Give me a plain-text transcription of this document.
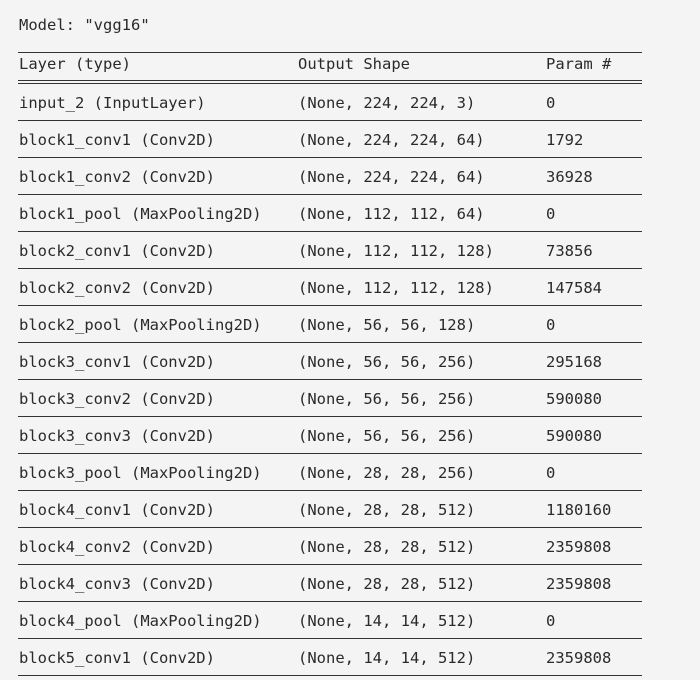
Model: "vgg16"
Layer (type)	Output Shape	Param #
input_2 (InputLayer)	(None, 224, 224, 3)	0
block1_conv1 (Conv2D)	(None, 224, 224, 64)	1792
block1_conv2 (Conv2D)	(None, 224, 224, 64)	36928
block1_pool (MaxPooling2D) (None, 112, 112, 64)	0
block2_conv1 (Conv2D)	(None, 112, 112, 128)	73856
block2_conv2 (Conv2D)	(None, 112, 112, 128)	147584
block2_pool (MaxPooling2D) (None, 56, 56, 128)	0
block3_conv1 (Conv2D)	(None, 56, 56, 256)	295168
block3_conv2 (Conv2D)	(None, 56, 56, 256)	590080
block3_conv3 (Conv2D)	(None, 56, 56, 256)	590080
block3_pool (MaxPooling2D) (None, 28, 28, 256)	0
block4_conv1 (Conv2D)	(None, 28, 28, 512)	1180160
block4_conv2 (Conv2D)	(None, 28, 28, 512)	2359808
block4_conv3 (Conv2D)	(None, 28, 28, 512)	2359808
block4_pool (MaxPooling2D) (None, 14, 14, 512)	0
block5_conv1 (Conv2D)	(None, 14, 14, 512)	2359808
